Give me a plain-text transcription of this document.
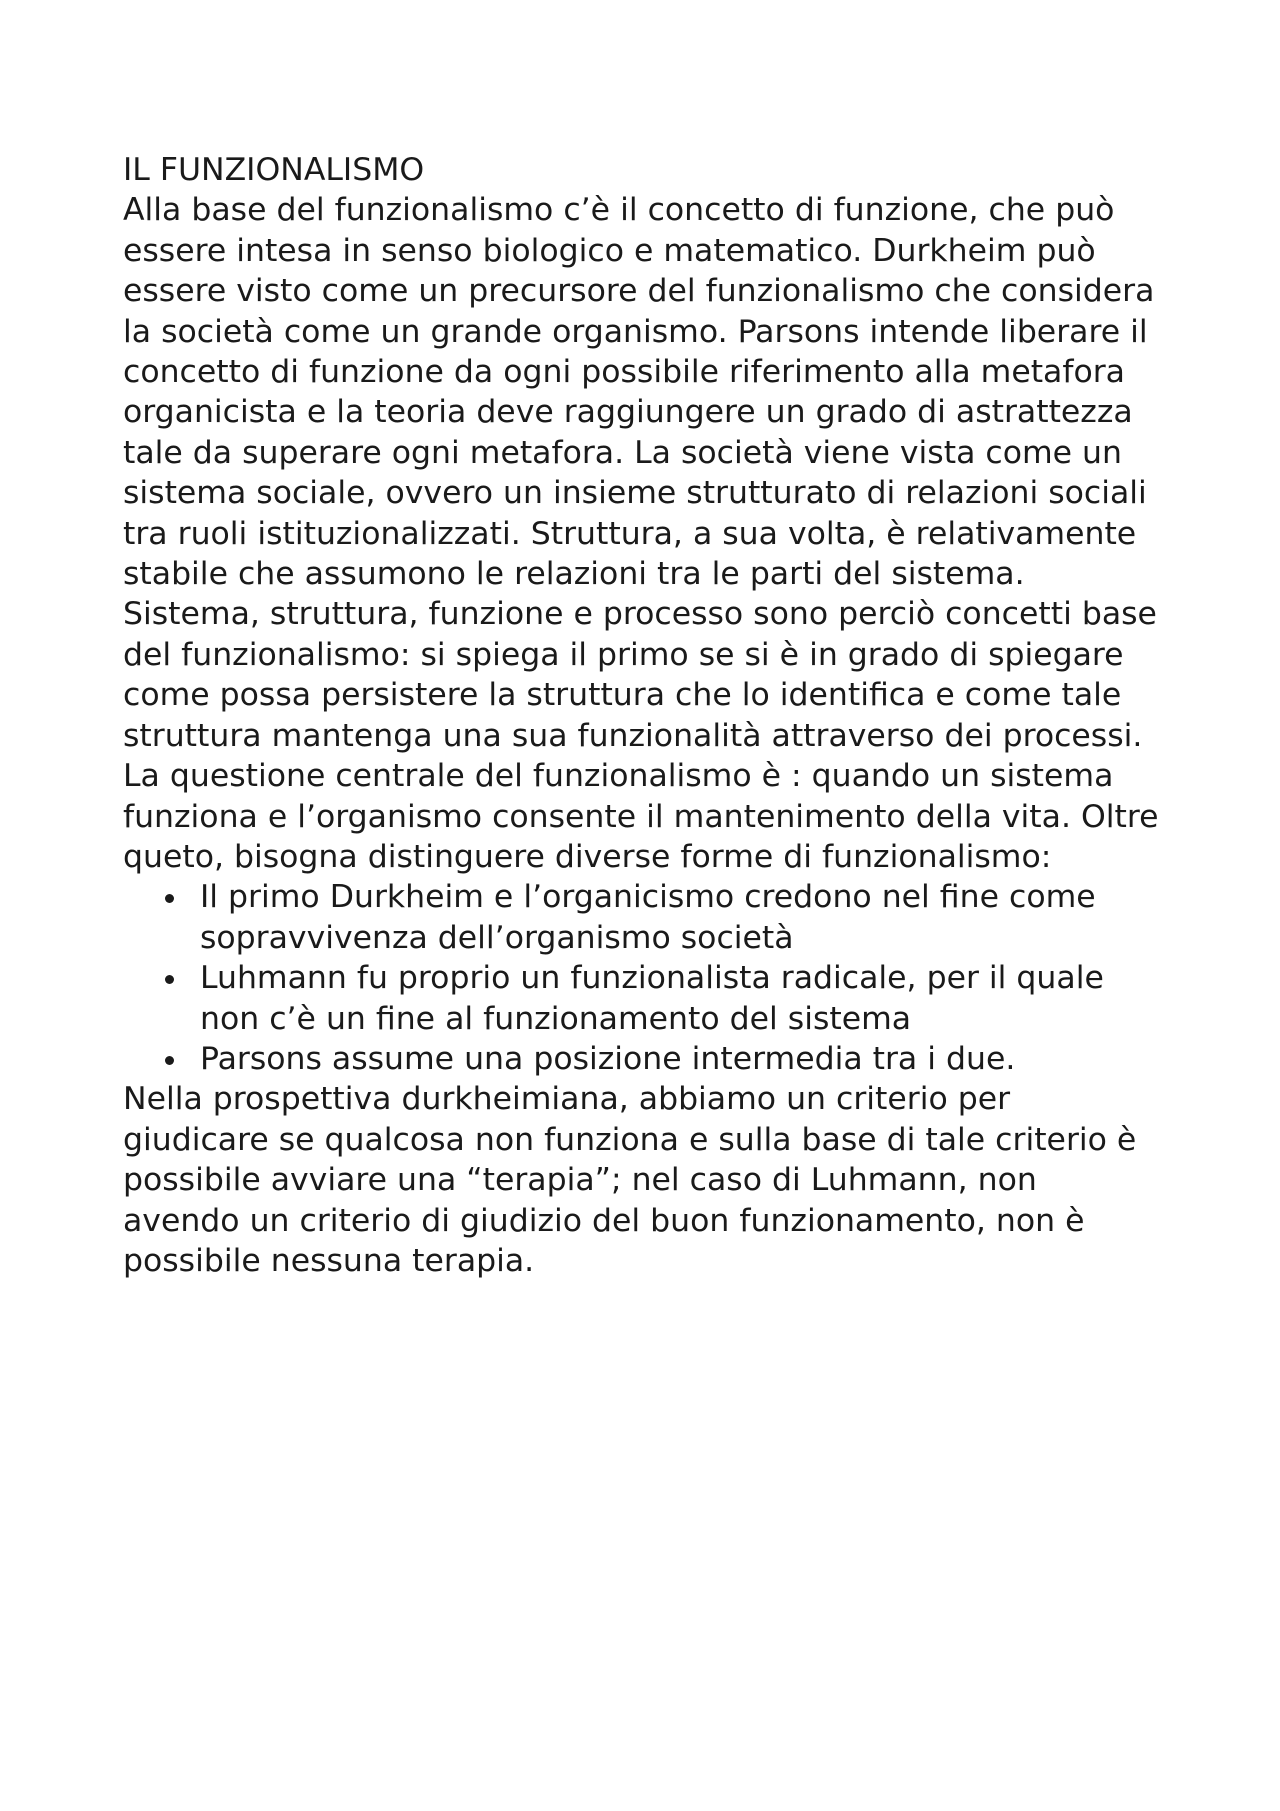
IL FUNZIONALISMO

Alla base del funzionalismo c’è il concetto di funzione, che può essere intesa in senso biologico e matematico. Durkheim può essere visto come un precursore del funzionalismo che considera la società come un grande organismo. Parsons intende liberare il concetto di funzione da ogni possibile riferimento alla metafora organicista e la teoria deve raggiungere un grado di astrattezza tale da superare ogni metafora. La società viene vista come un sistema sociale, ovvero un insieme strutturato di relazioni sociali tra ruoli istituzionalizzati. Struttura, a sua volta, è relativamente stabile che assumono le relazioni tra le parti del sistema. Sistema, struttura, funzione e processo sono perciò concetti base del funzionalismo: si spiega il primo se si è in grado di spiegare come possa persistere la struttura che lo identifica e come tale struttura mantenga una sua funzionalità attraverso dei processi. La questione centrale del funzionalismo è : quando un sistema funziona e l’organismo consente il mantenimento della vita. Oltre queto, bisogna distinguere diverse forme di funzionalismo:

Il primo Durkheim e l’organicismo credono nel fine come sopravvivenza dell’organismo società
Luhmann fu proprio un funzionalista radicale, per il quale non c’è un fine al funzionamento del sistema
Parsons assume una posizione intermedia tra i due.

Nella prospettiva durkheimiana, abbiamo un criterio per giudicare se qualcosa non funziona e sulla base di tale criterio è possibile avviare una “terapia”; nel caso di Luhmann, non avendo un criterio di giudizio del buon funzionamento, non è possibile nessuna terapia.
